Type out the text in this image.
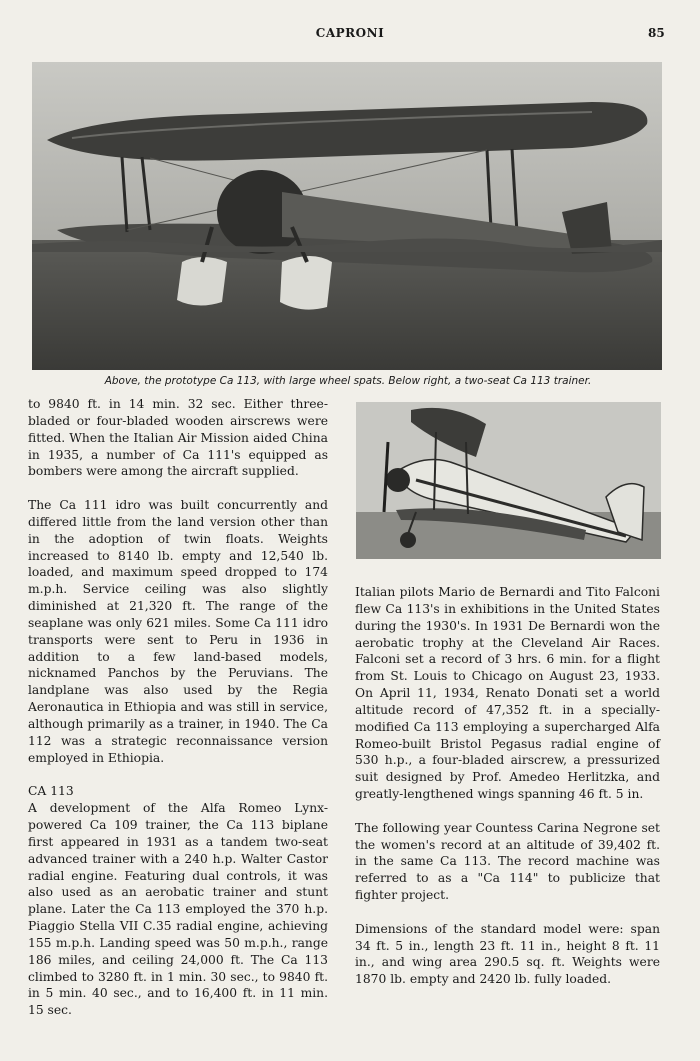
CAPRONI	85
Above, the prototype Ca 113, with large wheel spats. Below right, a two-seat Ca 113 trainer.

to 9840 ft. in 14 min. 32 sec. Either three-bladed or four-bladed wooden airscrews were fitted. When the Italian Air Mission aided China in 1935, a number of Ca 111's equipped as bombers were among the aircraft supplied.

The Ca 111 idro was built concurrently and differed little from the land version other than in the adoption of twin floats. Weights increased to 8140 lb. empty and 12,540 lb. loaded, and maximum speed dropped to 174 m.p.h. Service ceiling was also slightly diminished at 21,320 ft. The range of the seaplane was only 621 miles. Some Ca 111 idro transports were sent to Peru in 1936 in addition to a few land-based models, nicknamed Panchos by the Peruvians. The landplane was also used by the Regia Aeronautica in Ethiopia and was still in service, although primarily as a trainer, in 1940. The Ca 112 was a strategic reconnaissance version employed in Ethiopia.

CA 113

A development of the Alfa Romeo Lynx-powered Ca 109 trainer, the Ca 113 biplane first appeared in 1931 as a tandem two-seat advanced trainer with a 240 h.p. Walter Castor radial engine. Featuring dual controls, it was also used as an aerobatic trainer and stunt plane. Later the Ca 113 employed the 370 h.p. Piaggio Stella VII C.35 radial engine, achieving 155 m.p.h. Landing speed was 50 m.p.h., range 186 miles, and ceiling 24,000 ft. The Ca 113 climbed to 3280 ft. in 1 min. 30 sec., to 9840 ft. in 5 min. 40 sec., and to 16,400 ft. in 11 min. 15 sec.

Italian pilots Mario de Bernardi and Tito Falconi flew Ca 113's in exhibitions in the United States during the 1930's. In 1931 De Bernardi won the aerobatic trophy at the Cleveland Air Races. Falconi set a record of 3 hrs. 6 min. for a flight from St. Louis to Chicago on August 23, 1933. On April 11, 1934, Renato Donati set a world altitude record of 47,352 ft. in a specially-modified Ca 113 employing a supercharged Alfa Romeo-built Bristol Pegasus radial engine of 530 h.p., a four-bladed airscrew, a pressurized suit designed by Prof. Amedeo Herlitzka, and greatly-lengthened wings spanning 46 ft. 5 in.

The following year Countess Carina Negrone set the women's record at an altitude of 39,402 ft. in the same Ca 113. The record machine was referred to as a "Ca 114" to publicize that fighter project.

Dimensions of the standard model were: span 34 ft. 5 in., length 23 ft. 11 in., height 8 ft. 11 in., and wing area 290.5 sq. ft. Weights were 1870 lb. empty and 2420 lb. fully loaded.
